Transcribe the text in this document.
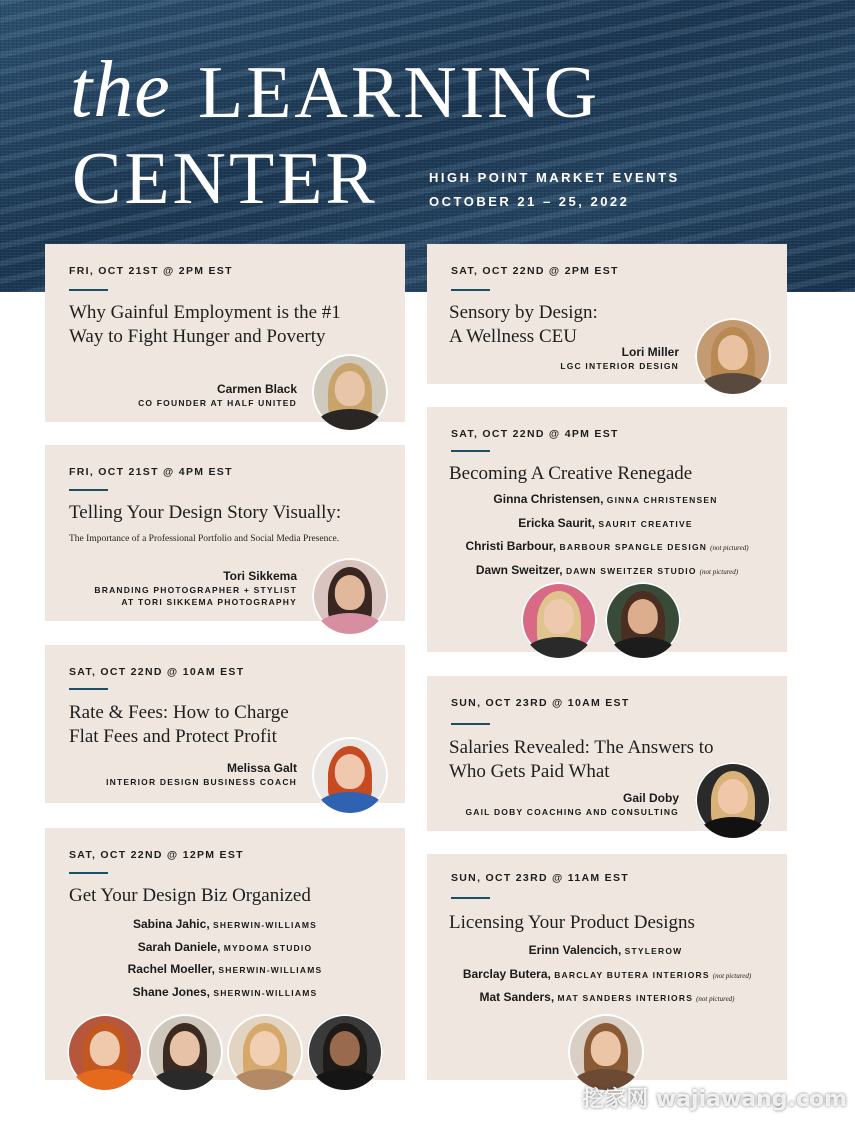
the LEARNING
CENTER	HIGH POINT MARKET EVENTS
OCTOBER 21 – 25, 2022
FRI, OCT 21ST @ 2PM EST
Why Gainful Employment is the #1
Way to Fight Hunger and Poverty
Carmen Black
CO FOUNDER AT HALF UNITED
FRI, OCT 21ST @ 4PM EST
Telling Your Design Story Visually:
The Importance of a Professional Portfolio and Social Media Presence.
Tori Sikkema
BRANDING PHOTOGRAPHER + STYLIST
AT TORI SIKKEMA PHOTOGRAPHY
SAT, OCT 22ND @ 10AM EST
Rate & Fees: How to Charge
Flat Fees and Protect Profit
Melissa Galt
INTERIOR DESIGN BUSINESS COACH
SAT, OCT 22ND @ 12PM EST
Get Your Design Biz Organized
Sabina Jahic, SHERWIN-WILLIAMS
Sarah Daniele, MYDOMA STUDIO
Rachel Moeller, SHERWIN-WILLIAMS
Shane Jones, SHERWIN-WILLIAMS
SAT, OCT 22ND @ 2PM EST
Sensory by Design:
A Wellness CEU
Lori Miller
LGC INTERIOR DESIGN
SAT, OCT 22ND @ 4PM EST
Becoming A Creative Renegade
Ginna Christensen, GINNA CHRISTENSEN
Ericka Saurit, SAURIT CREATIVE
Christi Barbour, BARBOUR SPANGLE DESIGN (not pictured)
Dawn Sweitzer, DAWN SWEITZER STUDIO (not pictured)
SUN, OCT 23RD @ 10AM EST
Salaries Revealed: The Answers to
Who Gets Paid What
Gail Doby
GAIL DOBY COACHING AND CONSULTING
SUN, OCT 23RD @ 11AM EST
Licensing Your Product Designs
Erinn Valencich, STYLEROW
Barclay Butera, BARCLAY BUTERA INTERIORS (not pictured)
Mat Sanders, MAT SANDERS INTERIORS (not pictured)
挖家网 wajiawang.com
